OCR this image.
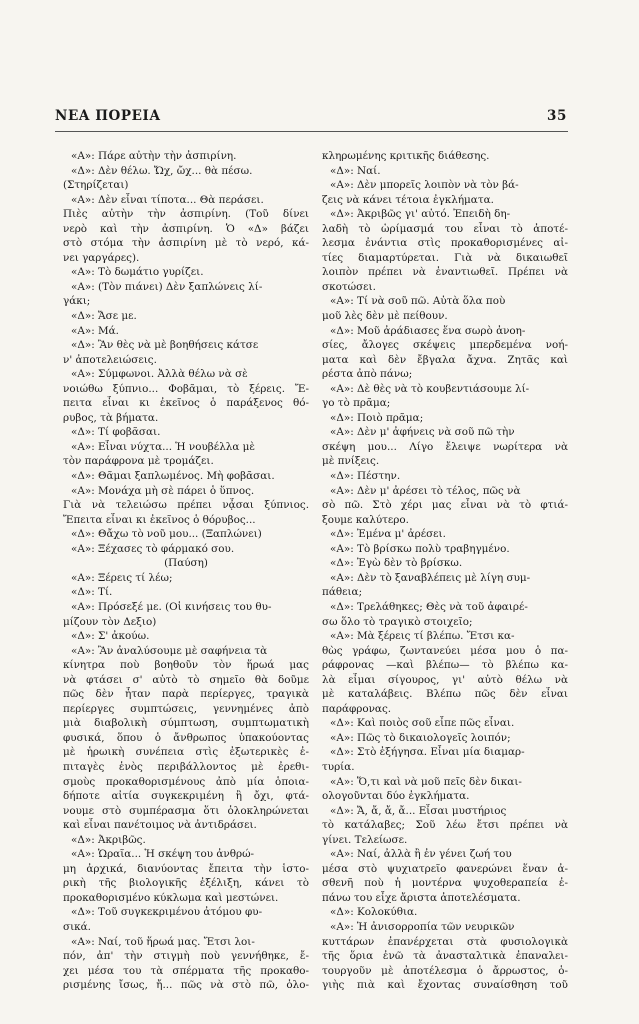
ΝΕΑ ΠΟΡΕΙΑ	35
«Α»: Πάρε αὐτὴν τὴν ἀσπιρίνη.
«Δ»: Δὲν θέλω. Ὤχ, ὤχ... θὰ πέσω.
(Στηρίζεται)
«Α»: Δὲν εἶναι τίποτα... Θὰ περάσει.
Πιὲς αὐτὴν τὴν ἀσπιρίνη. (Τοῦ δίνει
νερὸ καὶ τὴν ἀσπιρίνη. Ὁ «Δ» βάζει
στὸ στόμα τὴν ἀσπιρίνη μὲ τὸ νερό, κά-
νει γαργάρες).
«Α»: Τὸ δωμάτιο γυρίζει.
«Α»: (Τὸν πιάνει) Δὲν ξαπλώνεις λί-
γάκι;
«Δ»: Ἄσε με.
«Α»: Μά.
«Δ»: Ἂν θὲς νὰ μὲ βοηθήσεις κάτσε
ν' ἀποτελειώσεις.
«Α»: Σύμφωνοι. Ἀλλὰ θέλω νὰ σὲ
νοιώθω ξύπνιο... Φοβᾶμαι, τὸ ξέρεις. Ἔ-
πειτα εἶναι κι ἐκεῖνος ὁ παράξενος θό-
ρυβος, τὰ βήματα.
«Δ»: Τί φοβᾶσαι.
«Α»: Εἶναι νύχτα... Ἡ νουβέλλα μὲ
τὸν παράφρονα μὲ τρομάζει.
«Δ»: Θᾶμαι ξαπλωμένος. Μὴ φοβᾶσαι.
«Α»: Μονάχα μὴ σὲ πάρει ὁ ὕπνος.
Γιὰ νὰ τελειώσω πρέπει νᾆσαι ξύπνιος.
Ἔπειτα εἶναι κι ἐκεῖνος ὁ θόρυβος...
«Δ»: Θἄχω τὸ νοῦ μου... (Ξαπλώνει)
«Α»: Ξέχασες τὸ φάρμακό σου.
(Παύση)
«Α»: Ξέρεις τί λέω;
«Δ»: Τί.
«Α»: Πρόσεξέ με. (Οἱ κινήσεις του θυ-
μίζουν τὸν Δεξιο)
«Δ»: Σ' ἀκούω.
«Α»: Ἂν ἀναλύσουμε μὲ σαφήνεια τὰ
κίνητρα ποὺ βοηθοῦν τὸν ἥρωά μας
νὰ φτάσει σ' αὐτὸ τὸ σημεῖο θὰ δοῦμε
πῶς δὲν ἦταν παρὰ περίεργες, τραγικὰ
περίεργες συμπτώσεις, γεννημένες ἀπὸ
μιὰ διαβολικὴ σύμπτωση, συμπτωματικὴ
φυσικά, ὅπου ὁ ἄνθρωπος ὑπακούοντας
μὲ ἡρωικὴ συνέπεια στὶς ἐξωτερικὲς ἐ-
πιταγὲς ἑνὸς περιβάλλοντος μὲ ἐρεθι-
σμοὺς προκαθορισμένους ἀπὸ μία ὁποια-
δήποτε αἰτία συγκεκριμένη ἢ ὄχι, φτά-
νουμε στὸ συμπέρασμα ὅτι ὁλοκληρώνεται
καὶ εἶναι πανέτοιμος νὰ ἀντιδράσει.
«Δ»: Ἀκριβῶς.
«Α»: Ὡραῖα... Ἡ σκέψη του ἀνθρώ-
μη ἀρχικά, διανύοντας ἔπειτα τὴν ἱστο-
ρικὴ τῆς βιολογικῆς ἐξέλιξη, κάνει τὸ
προκαθορισμένο κύκλωμα καὶ μεστώνει.
«Δ»: Τοῦ συγκεκριμένου ἀτόμου φυ-
σικά.
«Α»: Ναί, τοῦ ἥρωά μας. Ἔτσι λοι-
πόν, ἀπ' τὴν στιγμὴ ποὺ γεννήθηκε, ἔ-
χει μέσα του τὰ σπέρματα τῆς προκαθο-
ρισμένης ἴσως, ἤ... πῶς νὰ στὸ πῶ, ὁλο-
κληρωμένης κριτικῆς διάθεσης.
«Δ»: Ναί.
«Α»: Δὲν μπορεῖς λοιπὸν νὰ τὸν βά-
ζεις νὰ κάνει τέτοια ἐγκλήματα.
«Δ»: Ἀκριβῶς γι' αὐτό. Ἐπειδὴ δη-
λαδὴ τὸ ὡρίμασμά του εἶναι τὸ ἀποτέ-
λεσμα ἐνάντια στὶς προκαθορισμένες αἰ-
τίες διαμαρτύρεται. Γιὰ νὰ δικαιωθεῖ
λοιπὸν πρέπει νὰ ἐναντιωθεῖ. Πρέπει νὰ
σκοτώσει.
«Α»: Τί νὰ σοῦ πῶ. Αὐτὰ ὅλα ποὺ
μοῦ λὲς δὲν μὲ πείθουν.
«Δ»: Μοῦ ἀράδιασες ἕνα σωρὸ ἀνοη-
σίες, ἄλογες σκέψεις μπερδεμένα νοή-
ματα καὶ δὲν ἔβγαλα ἄχνα. Ζητᾶς καὶ
ρέστα ἀπὸ πάνω;
«Α»: Δὲ θὲς νὰ τὸ κουβεντιάσουμε λί-
γο τὸ πρᾶμα;
«Δ»: Ποιὸ πρᾶμα;
«Α»: Δὲν μ' ἀφήνεις νὰ σοῦ πῶ τὴν
σκέψη μου... Λίγο ἔλειψε νωρίτερα νὰ
μὲ πνίξεις.
«Δ»: Πέστην.
«Α»: Δὲν μ' ἀρέσει τὸ τέλος, πῶς νὰ
σὸ πῶ. Στὸ χέρι μας εἶναι νὰ τὸ φτιά-
ξουμε καλύτερο.
«Δ»: Ἐμένα μ' ἀρέσει.
«Α»: Τὸ βρίσκω πολὺ τραβηγμένο.
«Δ»: Ἐγὼ δὲν τὸ βρίσκω.
«Α»: Δὲν τὸ ξαναβλέπεις μὲ λίγη συμ-
πάθεια;
«Δ»: Τρελάθηκες; Θὲς νὰ τοῦ ἀφαιρέ-
σω ὅλο τὸ τραγικὸ στοιχεῖο;
«Α»: Μὰ ξέρεις τί βλέπω. Ἔτσι κα-
θὼς γράφω, ζωντανεύει μέσα μου ὁ πα-
ράφρονας —καὶ βλέπω— τὸ βλέπω κα-
λὰ εἶμαι σίγουρος, γι' αὐτὸ θέλω νὰ
μὲ καταλάβεις. Βλέπω πῶς δὲν εἶναι
παράφρονας.
«Δ»: Καὶ ποιὸς σοῦ εἶπε πῶς εἶναι.
«Α»: Πῶς τὸ δικαιολογεῖς λοιπόν;
«Δ»: Στὸ ἐξήγησα. Εἶναι μία διαμαρ-
τυρία.
«Α»: Ὅ,τι καὶ νὰ μοῦ πεῖς δὲν δικαι-
ολογοῦνται δύο ἐγκλήματα.
«Δ»: Ἄ, ἄ, ἄ, ἄ... Εἶσαι μυστήριος
τὸ κατάλαβες; Σοῦ λέω ἔτσι πρέπει νὰ
γίνει. Τελείωσε.
«Α»: Ναί, ἀλλὰ ἢ ἐν γένει ζωή του
μέσα στὸ ψυχιατρεῖο φανερώνει ἕναν ἀ-
σθενῆ ποὺ ἡ μοντέρνα ψυχοθεραπεία ἐ-
πάνω του εἶχε ἄριστα ἀποτελέσματα.
«Δ»: Κολοκύθια.
«Α»: Ἡ ἀνισορροπία τῶν νευρικῶν
κυττάρων ἐπανέρχεται στὰ φυσιολογικὰ
τῆς ὅρια ἐνῶ τὰ ἀνασταλτικὰ ἐπαναλει-
τουργοῦν μὲ ἀποτέλεσμα ὁ ἄρρωστος, ὁ-
γιὴς πιὰ καὶ ἔχοντας συναίσθηση τοῦ
